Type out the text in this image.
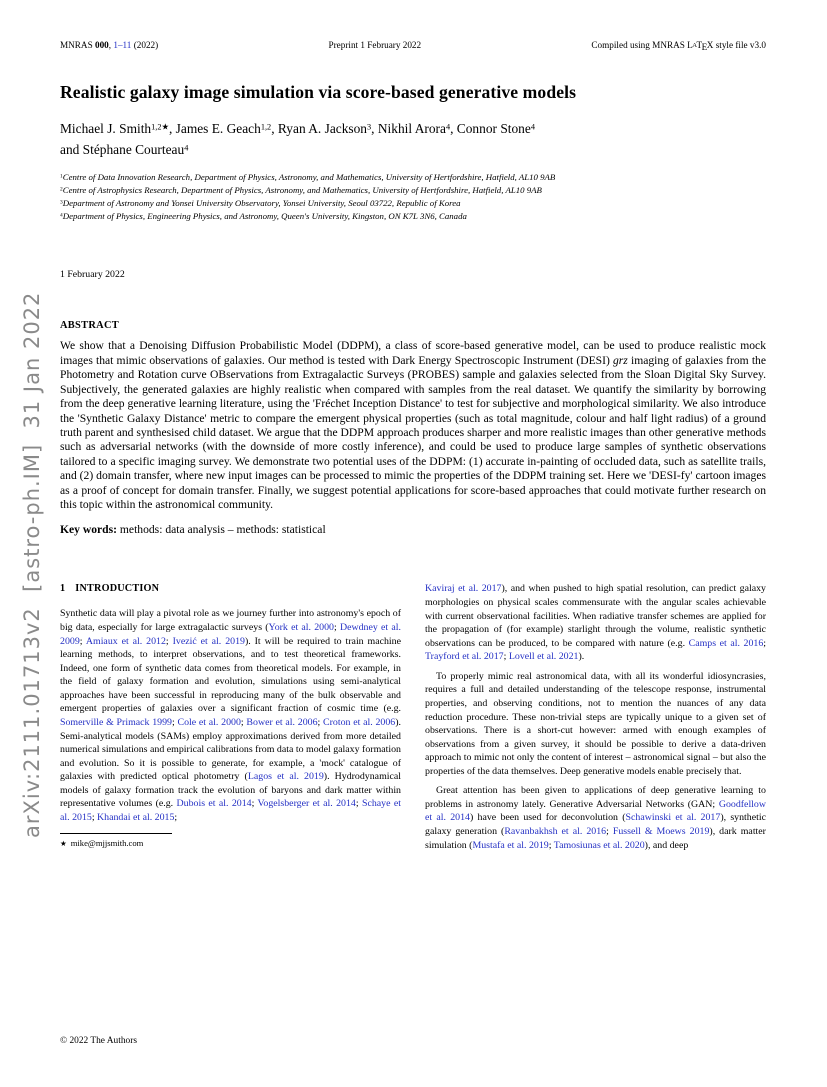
arXiv:2111.01713v2  [astro-ph.IM]  31 Jan 2022
MNRAS 000, 1–11 (2022)	Preprint 1 February 2022	Compiled using MNRAS LATEX style file v3.0
Realistic galaxy image simulation via score-based generative models
Michael J. Smith$^{1,2★}$, James E. Geach$^{1,2}$, Ryan A. Jackson$^3$, Nikhil Arora$^4$, Connor Stone$^4$
and Stéphane Courteau$^4$
$^1$Centre of Data Innovation Research, Department of Physics, Astronomy, and Mathematics, University of Hertfordshire, Hatfield, AL10 9AB
$^2$Centre of Astrophysics Research, Department of Physics, Astronomy, and Mathematics, University of Hertfordshire, Hatfield, AL10 9AB
$^3$Department of Astronomy and Yonsei University Observatory, Yonsei University, Seoul 03722, Republic of Korea
$^4$Department of Physics, Engineering Physics, and Astronomy, Queen's University, Kingston, ON K7L 3N6, Canada
1 February 2022
ABSTRACT
We show that a Denoising Diffusion Probabilistic Model (DDPM), a class of score-based generative model, can be used to produce realistic mock images that mimic observations of galaxies. Our method is tested with Dark Energy Spectroscopic Instrument (DESI) grz imaging of galaxies from the Photometry and Rotation curve OBservations from Extragalactic Surveys (PROBES) sample and galaxies selected from the Sloan Digital Sky Survey. Subjectively, the generated galaxies are highly realistic when compared with samples from the real dataset. We quantify the similarity by borrowing from the deep generative learning literature, using the 'Fréchet Inception Distance' to test for subjective and morphological similarity. We also introduce the 'Synthetic Galaxy Distance' metric to compare the emergent physical properties (such as total magnitude, colour and half light radius) of a ground truth parent and synthesised child dataset. We argue that the DDPM approach produces sharper and more realistic images than other generative methods such as adversarial networks (with the downside of more costly inference), and could be used to produce large samples of synthetic observations tailored to a specific imaging survey. We demonstrate two potential uses of the DDPM: (1) accurate in-painting of occluded data, such as satellite trails, and (2) domain transfer, where new input images can be processed to mimic the properties of the DDPM training set. Here we 'DESI-fy' cartoon images as a proof of concept for domain transfer. Finally, we suggest potential applications for score-based approaches that could motivate further research on this topic within the astronomical community.
Key words: methods: data analysis – methods: statistical
1 INTRODUCTION
Synthetic data will play a pivotal role as we journey further into astronomy's epoch of big data, especially for large extragalactic surveys (York et al. 2000; Dewdney et al. 2009; Amiaux et al. 2012; Ivezić et al. 2019). It will be required to train machine learning methods, to interpret observations, and to test theoretical frameworks. Indeed, one form of synthetic data comes from theoretical models. For example, in the field of galaxy formation and evolution, simulations using semi-analytical approaches have been successful in reproducing many of the bulk observable and emergent properties of galaxies over a significant fraction of cosmic time (e.g. Somerville & Primack 1999; Cole et al. 2000; Bower et al. 2006; Croton et al. 2006). Semi-analytical models (SAMs) employ approximations derived from more detailed numerical simulations and empirical calibrations from data to model galaxy formation and evolution. So it is possible to generate, for example, a 'mock' catalogue of galaxies with predicted optical photometry (Lagos et al. 2019). Hydrodynamical models of galaxy formation track the evolution of baryons and dark matter within representative volumes (e.g. Dubois et al. 2014; Vogelsberger et al. 2014; Schaye et al. 2015; Khandai et al. 2015;
★ mike@mjjsmith.com
Kaviraj et al. 2017), and when pushed to high spatial resolution, can predict galaxy morphologies on physical scales commensurate with the angular scales achievable with current observational facilities. When radiative transfer schemes are applied for the propagation of (for example) starlight through the volume, realistic synthetic observations can be produced, to be compared with nature (e.g. Camps et al. 2016; Trayford et al. 2017; Lovell et al. 2021).
To properly mimic real astronomical data, with all its wonderful idiosyncrasies, requires a full and detailed understanding of the telescope response, instrumental properties, and observing conditions, not to mention the nuances of any data reduction procedure. These non-trivial steps are typically unique to a given set of observations. There is a short-cut however: armed with enough examples of observations from a given survey, it should be possible to derive a data-driven approach to mimic not only the content of interest – astronomical signal – but also the properties of the data themselves. Deep generative models enable precisely that.
Great attention has been given to applications of deep generative learning to problems in astronomy lately. Generative Adversarial Networks (GAN; Goodfellow et al. 2014) have been used for deconvolution (Schawinski et al. 2017), synthetic galaxy generation (Ravanbakhsh et al. 2016; Fussell & Moews 2019), dark matter simulation (Mustafa et al. 2019; Tamosiunas et al. 2020), and deep
© 2022 The Authors
